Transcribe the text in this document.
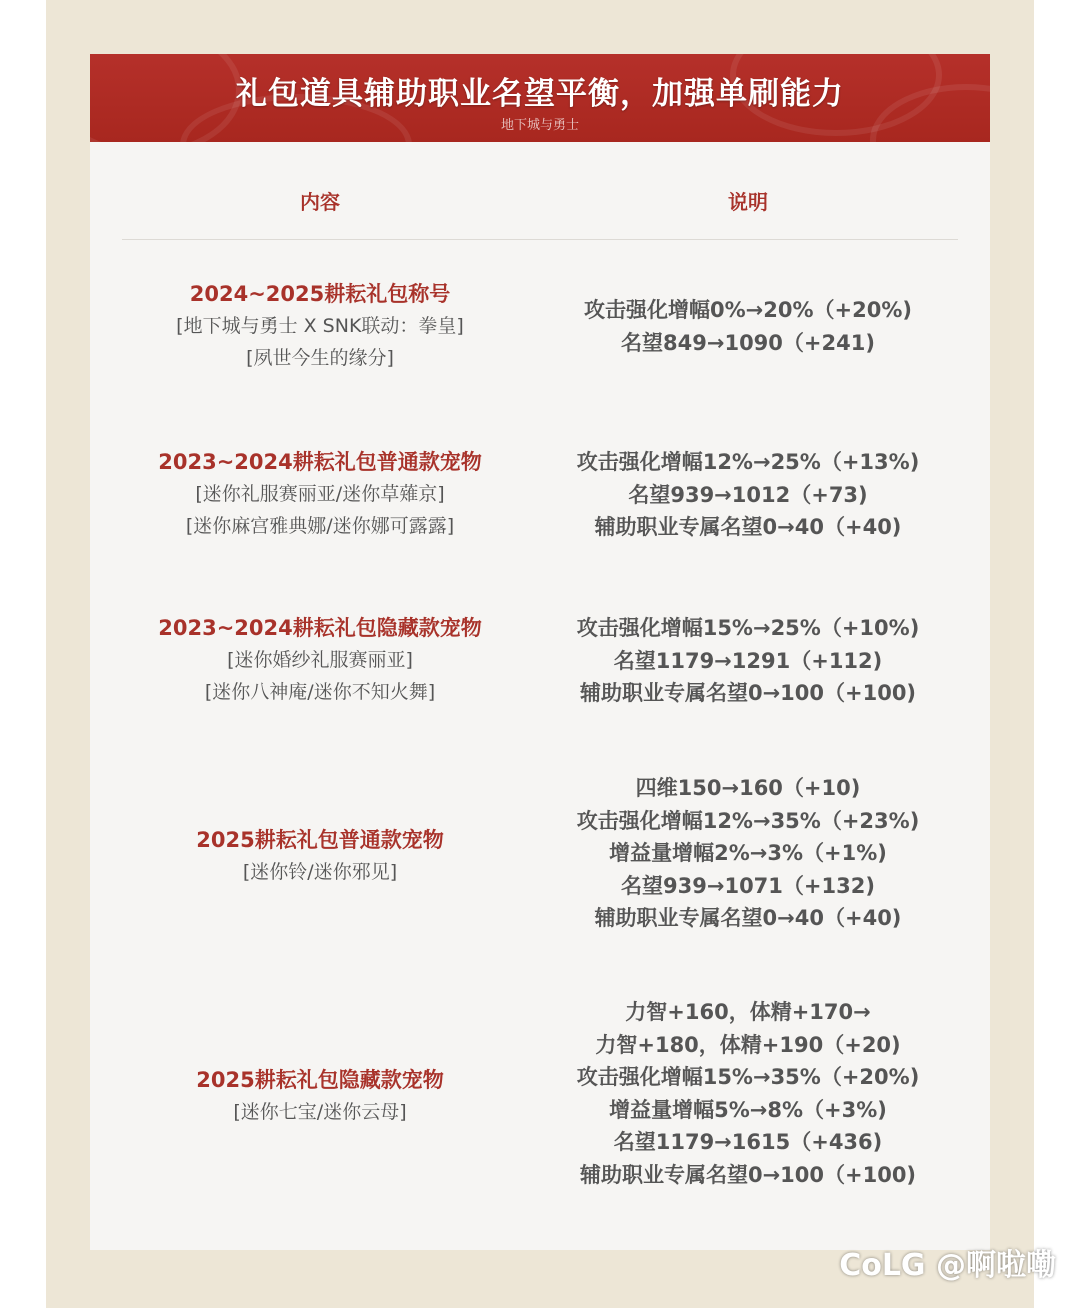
礼包道具辅助职业名望平衡，加强单刷能力
地下城与勇士
内容	说明
2024~2025耕耘礼包称号
[地下城与勇士 X SNK联动：拳皇]
[夙世今生的缘分]
攻击强化增幅0%→20%（+20%)
名望849→1090（+241)
2023~2024耕耘礼包普通款宠物
[迷你礼服赛丽亚/迷你草薙京]
[迷你麻宫雅典娜/迷你娜可露露]
攻击强化增幅12%→25%（+13%)
名望939→1012（+73)
辅助职业专属名望0→40（+40)
2023~2024耕耘礼包隐藏款宠物
[迷你婚纱礼服赛丽亚]
[迷你八神庵/迷你不知火舞]
攻击强化增幅15%→25%（+10%)
名望1179→1291（+112)
辅助职业专属名望0→100（+100)
2025耕耘礼包普通款宠物
[迷你铃/迷你邪见]
四维150→160（+10)
攻击强化增幅12%→35%（+23%)
增益量增幅2%→3%（+1%)
名望939→1071（+132)
辅助职业专属名望0→40（+40)
2025耕耘礼包隐藏款宠物
[迷你七宝/迷你云母]
力智+160，体精+170→
力智+180，体精+190（+20)
攻击强化增幅15%→35%（+20%)
增益量增幅5%→8%（+3%)
名望1179→1615（+436)
辅助职业专属名望0→100（+100)
CoLG @啊啦嘞
